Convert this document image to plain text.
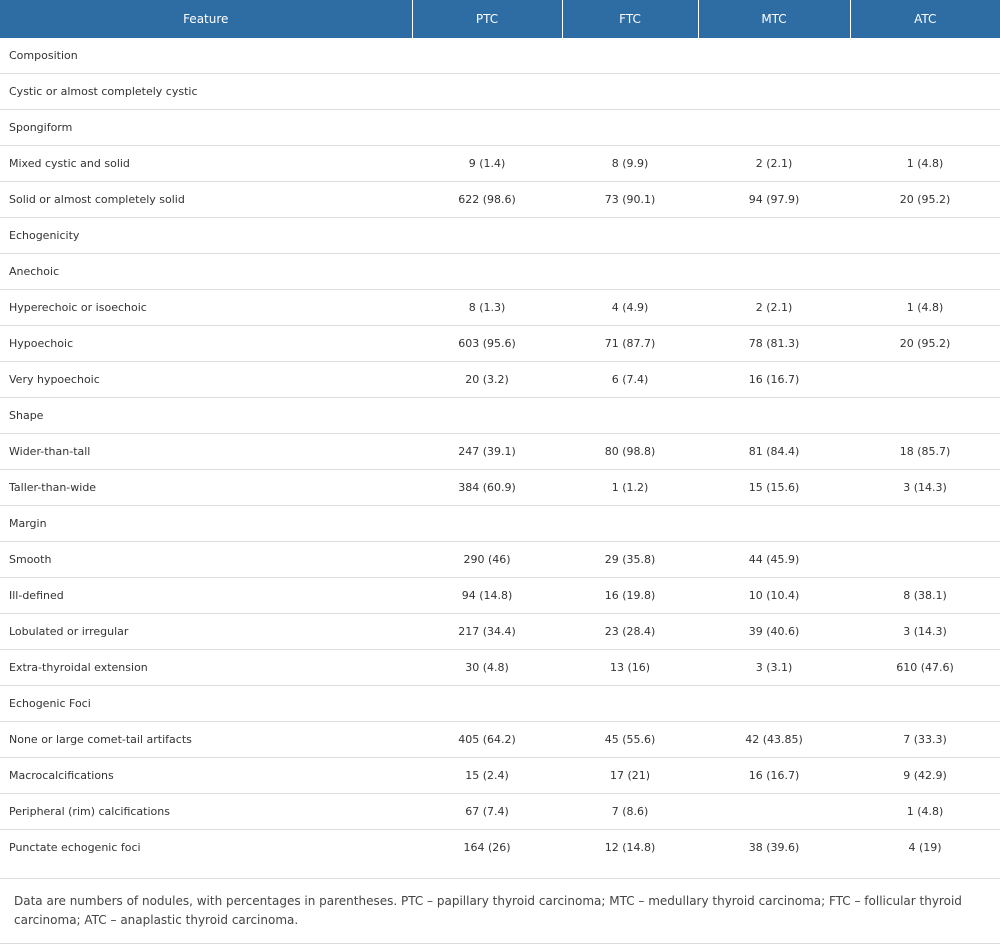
Feature	PTC	FTC	MTC	ATC
Composition				
Cystic or almost completely cystic				
Spongiform				
Mixed cystic and solid	9 (1.4)	8 (9.9)	2 (2.1)	1 (4.8)
Solid or almost completely solid	622 (98.6)	73 (90.1)	94 (97.9)	20 (95.2)
Echogenicity				
Anechoic				
Hyperechoic or isoechoic	8 (1.3)	4 (4.9)	2 (2.1)	1 (4.8)
Hypoechoic	603 (95.6)	71 (87.7)	78 (81.3)	20 (95.2)
Very hypoechoic	20 (3.2)	6 (7.4)	16 (16.7)	
Shape				
Wider-than-tall	247 (39.1)	80 (98.8)	81 (84.4)	18 (85.7)
Taller-than-wide	384 (60.9)	1 (1.2)	15 (15.6)	3 (14.3)
Margin				
Smooth	290 (46)	29 (35.8)	44 (45.9)	
Ill-defined	94 (14.8)	16 (19.8)	10 (10.4)	8 (38.1)
Lobulated or irregular	217 (34.4)	23 (28.4)	39 (40.6)	3 (14.3)
Extra-thyroidal extension	30 (4.8)	13 (16)	3 (3.1)	610 (47.6)
Echogenic Foci				
None or large comet-tail artifacts	405 (64.2)	45 (55.6)	42 (43.85)	7 (33.3)
Macrocalcifications	15 (2.4)	17 (21)	16 (16.7)	9 (42.9)
Peripheral (rim) calcifications	67 (7.4)	7 (8.6)		1 (4.8)
Punctate echogenic foci	164 (26)	12 (14.8)	38 (39.6)	4 (19)

Data are numbers of nodules, with percentages in parentheses. PTC – papillary thyroid carcinoma; MTC – medullary thyroid carcinoma; FTC – follicular thyroid carcinoma; ATC – anaplastic thyroid carcinoma.
